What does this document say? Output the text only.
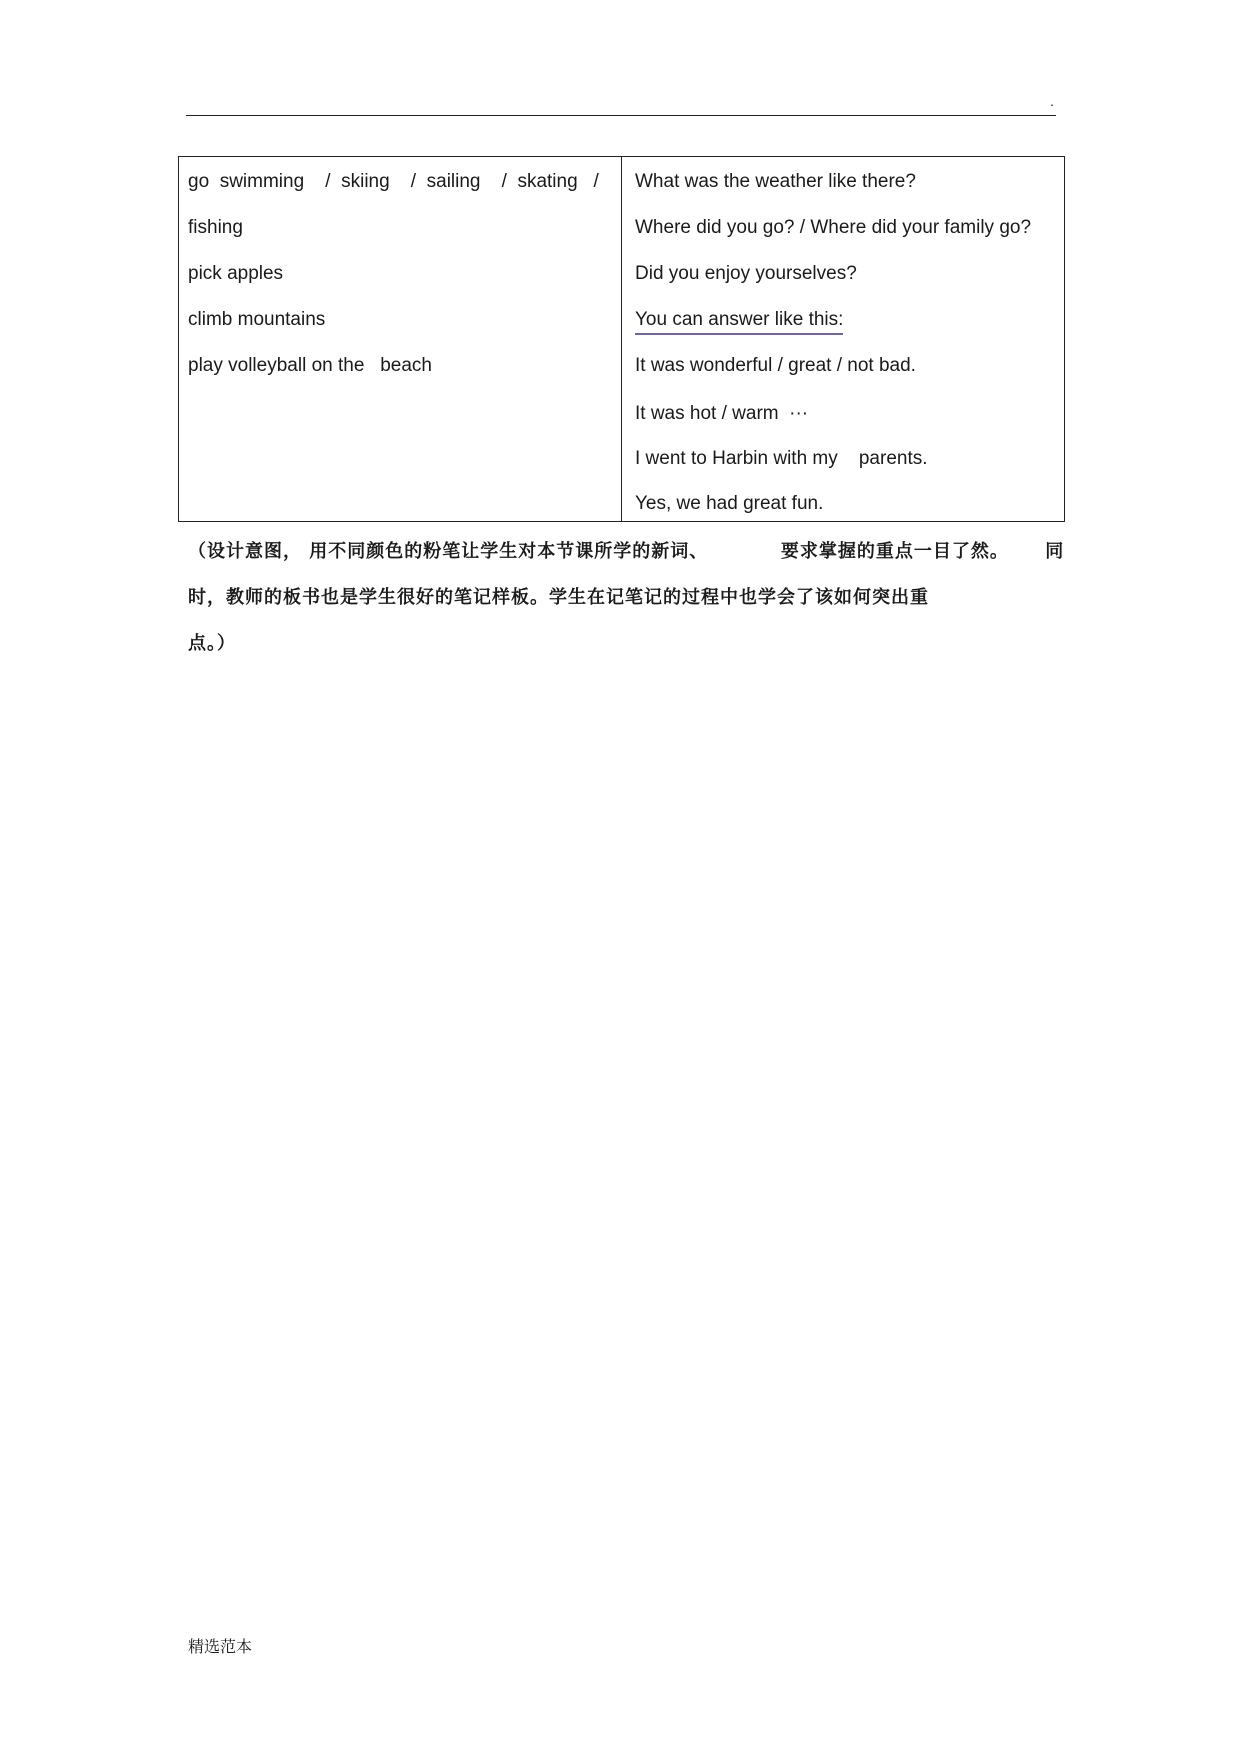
.
go  swimming    /  skiing    /  sailing    /  skating   /
fishing
pick apples
climb mountains
play volleyball on the   beach
What was the weather like there?
Where did you go? / Where did your family go?
Did you enjoy yourselves?
You can answer like this:
It was wonderful / great / not bad.
It was hot / warm  ···
I went to Harbin with my    parents.
Yes, we had great fun.
（设计意图， 用不同颜色的粉笔让学生对本节课所学的新词、          要求掌握的重点一目了然。     同
时，教师的板书也是学生很好的笔记样板。学生在记笔记的过程中也学会了该如何突出重
点。）
精选范本
